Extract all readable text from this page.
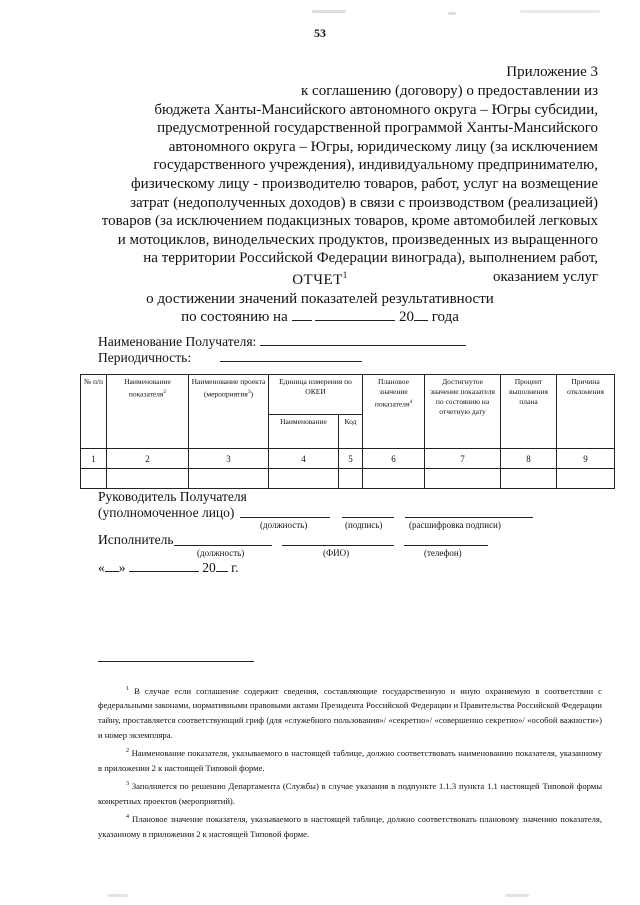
53
Приложение 3
к соглашению (договору) о предоставлении из
бюджета Ханты-Мансийского автономного округа – Югры субсидии,
предусмотренной государственной программой Ханты-Мансийского
автономного округа – Югры, юридическому лицу (за исключением
государственного учреждения), индивидуальному предпринимателю,
физическому лицу - производителю товаров, работ, услуг на возмещение
затрат (недополученных доходов) в связи с производством (реализацией)
товаров (за исключением подакцизных товаров, кроме автомобилей легковых
и мотоциклов, винодельческих продуктов, произведенных из выращенного
на территории Российской Федерации винограда), выполнением работ,
оказанием услуг
ОТЧЕТ$^1$
о достижении значений показателей результативности
по состоянию на	20 года
Наименование Получателя:
Периодичность:
№ п/п	Наименование показателя$^2$	Наименование проекта (мероприятия$^3$)	Единица измерения по ОКЕИ		Плановое значение показателя$^4$	Достигнутое значение показателя по состоянию на отчетную дату	Процент выполнения плана	Причина отклонения
			Наименование	Код				
1	2	3	4	5	6	7	8	9

Руководитель Получателя
(уполномоченное лицо)
(должность)	(подпись)	(расшифровка подписи)
Исполнитель
(должность)	(ФИО)	(телефон)
« »	20 г.

$^1$ В случае если соглашение содержит сведения, составляющие государственную и иную охраняемую в соответствии с федеральными законами, нормативными правовыми актами Президента Российской Федерации и Правительства Российской Федерации тайну, проставляется соответствующий гриф (для «служебного пользования»/ «секретно»/ «совершенно секретно»/ «особой важности») и номер экземпляра.

$^2$ Наименование показателя, указываемого в настоящей таблице, должно соответствовать наименованию показателя, указанному в приложении 2 к настоящей Типовой форме.

$^3$ Заполняется по решению Департамента (Службы) в случае указания в подпункте 1.1.3 пункта 1.1 настоящей Типовой формы конкретных проектов (мероприятий).

$^4$ Плановое значение показателя, указываемого в настоящей таблице, должно соответствовать плановому значению показателя, указанному в приложении 2 к настоящей Типовой форме.
